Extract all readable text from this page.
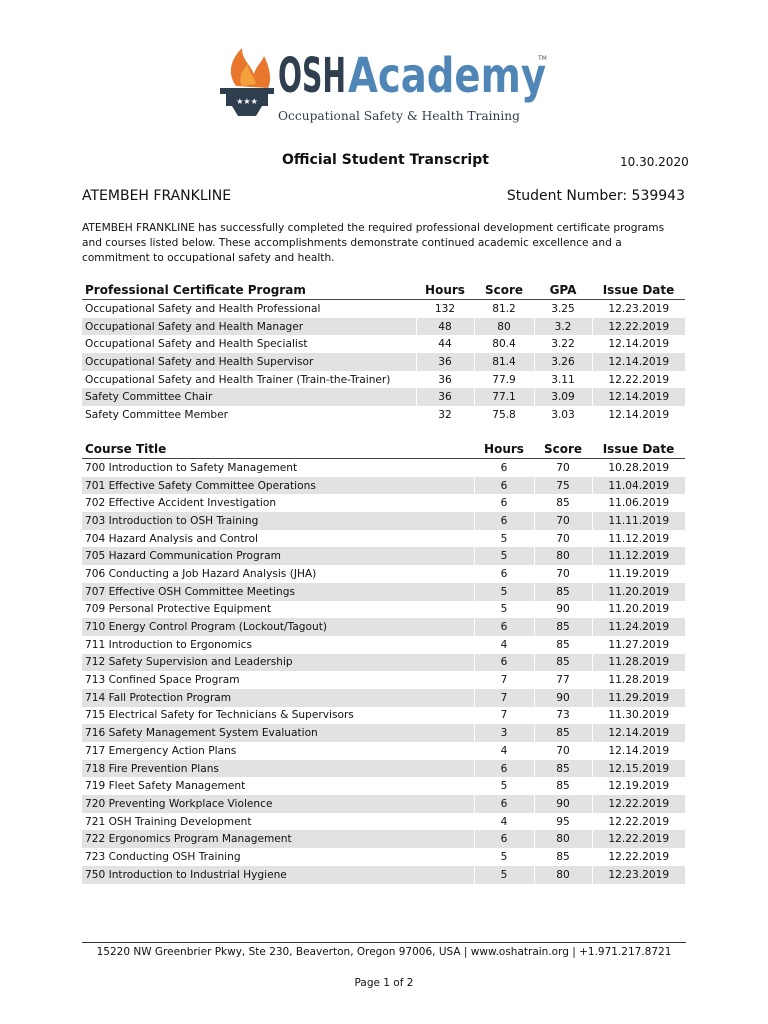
★★★ OSH Academy
TM
Occupational Safety & Health Training
Official Student Transcript	10.30.2020
ATEMBEH FRANKLINE	Student Number: 539943
ATEMBEH FRANKLINE has successfully completed the required professional development certificate programs and courses listed below. These accomplishments demonstrate continued academic excellence and a commitment to occupational safety and health.
Professional Certificate Program	Hours	Score	GPA	Issue Date
Occupational Safety and Health Professional	132	81.2	3.25	12.23.2019
Occupational Safety and Health Manager	48	80	3.2	12.22.2019
Occupational Safety and Health Specialist	44	80.4	3.22	12.14.2019
Occupational Safety and Health Supervisor	36	81.4	3.26	12.14.2019
Occupational Safety and Health Trainer (Train-the-Trainer)	36	77.9	3.11	12.22.2019
Safety Committee Chair	36	77.1	3.09	12.14.2019
Safety Committee Member	32	75.8	3.03	12.14.2019
Course Title	Hours	Score	Issue Date
700 Introduction to Safety Management	6	70	10.28.2019
701 Effective Safety Committee Operations	6	75	11.04.2019
702 Effective Accident Investigation	6	85	11.06.2019
703 Introduction to OSH Training	6	70	11.11.2019
704 Hazard Analysis and Control	5	70	11.12.2019
705 Hazard Communication Program	5	80	11.12.2019
706 Conducting a Job Hazard Analysis (JHA)	6	70	11.19.2019
707 Effective OSH Committee Meetings	5	85	11.20.2019
709 Personal Protective Equipment	5	90	11.20.2019
710 Energy Control Program (Lockout/Tagout)	6	85	11.24.2019
711 Introduction to Ergonomics	4	85	11.27.2019
712 Safety Supervision and Leadership	6	85	11.28.2019
713 Confined Space Program	7	77	11.28.2019
714 Fall Protection Program	7	90	11.29.2019
715 Electrical Safety for Technicians & Supervisors	7	73	11.30.2019
716 Safety Management System Evaluation	3	85	12.14.2019
717 Emergency Action Plans	4	70	12.14.2019
718 Fire Prevention Plans	6	85	12.15.2019
719 Fleet Safety Management	5	85	12.19.2019
720 Preventing Workplace Violence	6	90	12.22.2019
721 OSH Training Development	4	95	12.22.2019
722 Ergonomics Program Management	6	80	12.22.2019
723 Conducting OSH Training	5	85	12.22.2019
750 Introduction to Industrial Hygiene	5	80	12.23.2019
15220 NW Greenbrier Pkwy, Ste 230, Beaverton, Oregon 97006, USA | www.oshatrain.org | +1.971.217.8721
Page 1 of 2
